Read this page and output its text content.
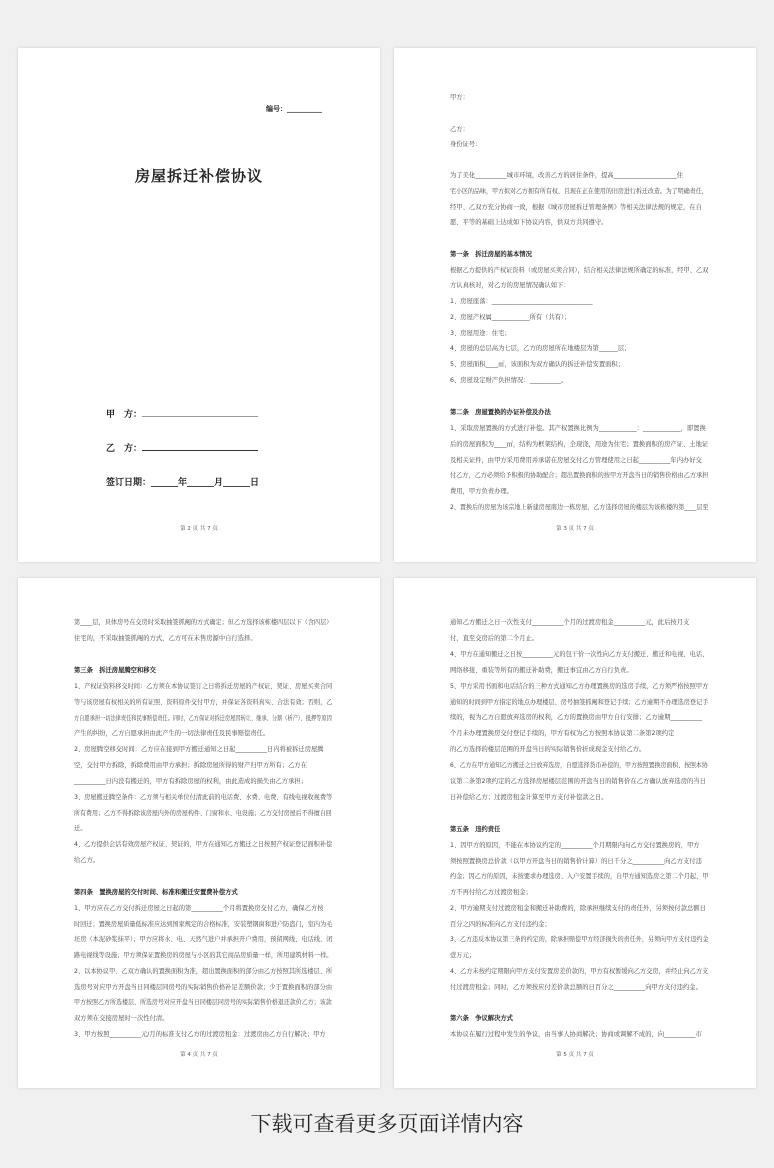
编号：__________
房屋拆迁补偿协议
甲　方：
乙　方：
签订日期：______年______月______日
第 2 页 共 7 页
甲方：
乙方：
身份证号：
为了美化__________城市环境，改善乙方的居住条件，提高____________________住
宅小区的品味，甲方拟对乙方拥有所有权、且现在正在使用的旧房进行拆迁改造。为了明确责任，
经甲、乙双方充分协商一致，根据《城市房屋拆迁管理条例》等相关法律法规的规定，在自
愿、平等的基础上达成如下协议内容，供双方共同遵守。
第一条　拆迁房屋的基本情况
根据乙方提供的产权证资料（或房屋买卖合同），结合相关法律法规所确定的标准，经甲、乙双
方认真核对，对乙方的房屋情况确认如下：
1、房屋座落：________________________________
2、房屋产权属____________所有（共有）；
3、房屋用途：住宅；
4、房屋的总层高为七层，乙方的房屋所在地楼层为第______层；
5、房屋面积____㎡，该面积为双方确认的拆迁补偿安置面积；
6、房屋设定财产负担情况：__________。
第二条　房屋置换的办证补偿及办法
1、采取房屋置换的方式进行补偿。其产权置换比例为____________：____________，即置换
后的房屋面积为____㎡，结构为框架结构，全现浇，用途为住宅；置换面积的房产证、土地证
及相关证件，由甲方采用费用并承诺在房屋交付乙方管理使用之日起__________年内办好交
付乙方，乙方必须给予积极的协助配合；超出置换面积的按甲方开盘当日的销售价格由乙方承担
费用，甲方负责办理。
2、置换后的房屋为该宗地上新建房屋南边一栋房屋，乙方选择房屋的楼层为该栋楼的第____层至
第 3 页 共 7 页
第____层，具体房号在交房时采取抽签抓阄的方式确定；但乙方选择该栋楼四层以下（含四层）
住宅的，不采取抽签抓阄的方式，乙方可在未售房源中自行选择。
第三条　拆迁房屋腾空和移交
1、产权证资料移交时间：乙方须在本协议签订之日将拆迁房屋的产权证、契证、房屋买卖合同
等与该房屋有权相关的所有证照、资料原件交付甲方，并保证各资料真实、合法有效；否则，乙
方自愿承担一切法律责任和民事赔偿责任。同时，乙方保证对拆迁房屋因转让、继承、分割（析产）、抵押等原因
产生的纠纷，乙方自愿承担由此产生的一切法律责任及民事赔偿责任。
2、房屋腾空移交时间：乙方应在接到甲方搬迁通知之日起__________日内将被拆迁房屋腾
空，交付甲方拆除，拆除费用由甲方承担；拆除房屋所得的财产归甲方所有；乙方在
__________日内没有搬迁的，甲方有拆除房屋的权利，由此造成的损失由乙方承担；
3、房屋搬迁腾空条件：乙方须与相关单位付清此前的电话费、水费、电费、有线电视收视费等
所有费用；乙方不得拆除该房屋内外的房屋构件、门窗和水、电设施；乙方交付房屋后不得擅自回
迁。
4、乙方提供会话有效房屋产权证、契证的，甲方在通知乙方搬迁之日按照产权证登记面积补偿
给乙方。
第四条　置换房屋的交付时间、标准和搬迁安置费补偿方式
1、甲方应在乙方交付拆迁房屋之日起的第__________个月将置换房交付乙方，确保乙方按
时回迁；置换房屋质量低标准应达到国家规定的合格标准，安装塑钢窗和进户防盗门，室内为毛
坯房（本泥砂浆抹平）；甲方应将水、电、天然气进户并承担开户费用，预留网线、电话线、闭
路电视线等设施；甲方须保证置换房的房屋与小区的其它商品房质量一样，所用建筑材料一样。
2、以本协议甲、乙双方确认的置换面积为准，超出置换面积的部分由乙方按照其所选楼层、所
选房号对应甲方开盘当日同楼层同房号的实际销售价格补足差额价款；少于置换面积的部分由
甲方按照乙方所选楼层、所选房号对应开盘当日同楼层同房号的实际销售价格退还款价乙方；该款
双方须在交接房屋时一次性付清。
3、甲方按照__________元/月的标准支付乙方的过渡房租金：过渡房由乙方自行解决；甲方
第 4 页 共 7 页
通知乙方搬迁之日一次性支付__________个月的过渡房租金__________元，此后按月支
付，直至交房后的第二个月止。
4、甲方在通知搬迁之日按__________元的包干价一次性向乙方支付搬迁、搬迁和电视、电话、
网络移接、重装等所有的搬迁补助费，搬迁事宜由乙方自行负责。
5、甲方采用书面和电话结合的三种方式通知乙方办理置换房的选房手续，乙方须严格按照甲方
通知的时间到甲方指定的地点办理楼层、房号抽签抓阄和登记手续；乙方逾期不办理选房登记手
续的，视为乙方自愿放弃选房的权利，乙方的置换房由甲方自行安排；乙方逾期__________
个月未办理置换房交付登记手续的，甲方有权为乙方按照本协议第二条第2项约定
的乙方选择的楼层范围的开盘当日的实际销售价折成现金支付给乙方。
6、乙方在甲方通知乙方搬迁之日放弃选房，自愿选择货币补偿的，甲方按照置换房面积、按照本协
议第二条第2项约定的乙方选择房屋楼层范围的开盘当日的销售价在乙方确认放弃选房的当日
日补偿给乙方；过渡房租金计算至甲方支付补偿款之日。
第五条　违约责任
1、因甲方的原因，不能在本协议约定的__________个月期限内向乙方交付置换房的，甲方
须按照置换房总价款（以甲方开盘当日的销售价计算）的日千分之__________向乙方支付违
约金；因乙方的原因，未按要求办理选房、入户安置手续的，自甲方通知选房之第二个月起，甲
方不再付给乙方过渡房租金；
2、甲方逾期支付过渡房租金和搬迁补助费的，除承担继续支付的责任外，另须按付款总额日
百分之四的标准向乙方支付违约金；
3、乙方违反本协议第三条的约定的，除承担赔偿甲方经济损失的责任外，另须向甲方支付违约金
壹万元；
4、乙方未按约定期限向甲方支付安置房差价款的，甲方有权暂缓向乙方交房，并经止向乙方支
付过渡房租金；同时，乙方须按应付差价款总额的日百分之__________向甲方支付违约金。
第六条　争议解决方式
本协议在履行过程中发生的争议，由当事人协商解决；协商或调解不成的，向__________市
第 5 页 共 7 页
下载可查看更多页面详情内容
